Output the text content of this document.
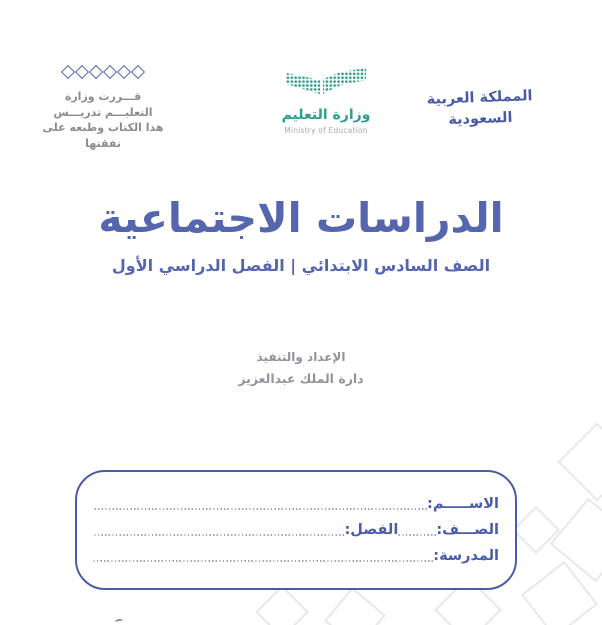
قـــررت وزارة التعليـــم تدريـــس
هذا الكتاب وطبعه على نفقتها
وزارة التعليم
Ministry of Education
المملكة العربية السعودية
الدراسات الاجتماعية
الصف السادس الابتدائي | الفصل الدراسي الأول
الإعداد والتنفيذ
دارة الملك عبدالعزيز
الاســـــم:
الصـــف:
الفصل:
المدرسة:
